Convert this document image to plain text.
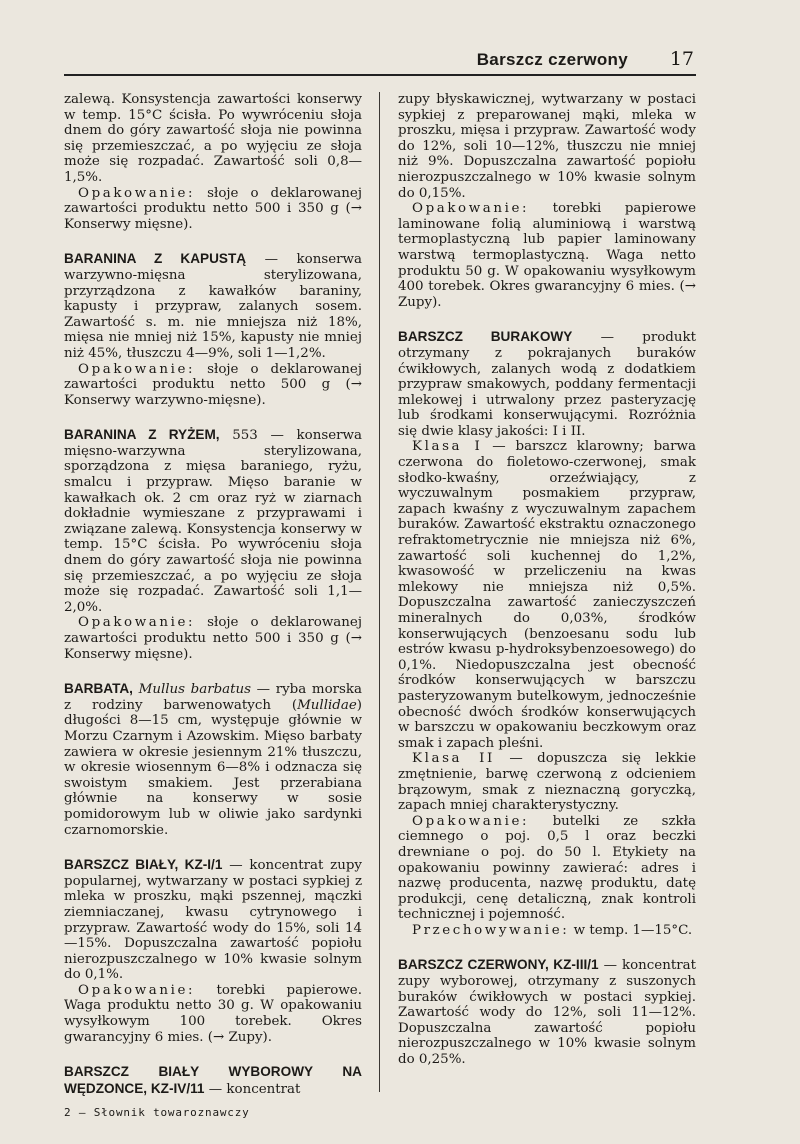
Barszcz czerwony 17

zalewą. Konsystencja zawartości konserwy w temp. 15°C ścisła. Po wywróceniu słoja dnem do góry zawartość słoja nie powinna się przemieszczać, a po wyjęciu ze słoja może się rozpadać. Zawartość soli 0,8—1,5%.

Opakowanie: słoje o deklarowanej zawartości produktu netto 500 i 350 g (→ Konserwy mięsne).

BARANINA Z KAPUSTĄ — konserwa warzywno-mięsna sterylizowana, przyrządzona z kawałków baraniny, kapusty i przypraw, zalanych sosem. Zawartość s. m. nie mniejsza niż 18%, mięsa nie mniej niż 15%, kapusty nie mniej niż 45%, tłuszczu 4—9%, soli 1—1,2%.

Opakowanie: słoje o deklarowanej zawartości produktu netto 500 g (→ Konserwy warzywno-mięsne).

BARANINA Z RYŻEM, 553 — konserwa mięsno-warzywna sterylizowana, sporządzona z mięsa baraniego, ryżu, smalcu i przypraw. Mięso baranie w kawałkach ok. 2 cm oraz ryż w ziarnach dokładnie wymieszane z przyprawami i związane zalewą. Konsystencja konserwy w temp. 15°C ścisła. Po wywróceniu słoja dnem do góry zawartość słoja nie powinna się przemieszczać, a po wyjęciu ze słoja może się rozpadać. Zawartość soli 1,1—2,0%.

Opakowanie: słoje o deklarowanej zawartości produktu netto 500 i 350 g (→ Konserwy mięsne).

BARBATA, Mullus barbatus — ryba morska z rodziny barwenowatych (Mullidae) długości 8—15 cm, występuje głównie w Morzu Czarnym i Azowskim. Mięso barbaty zawiera w okresie jesiennym 21% tłuszczu, w okresie wiosennym 6—8% i odznacza się swoistym smakiem. Jest przerabiana głównie na konserwy w sosie pomidorowym lub w oliwie jako sardynki czarnomorskie.

BARSZCZ BIAŁY, KZ-I/1 — koncentrat zupy popularnej, wytwarzany w postaci sypkiej z mleka w proszku, mąki pszennej, mączki ziemniaczanej, kwasu cytrynowego i przypraw. Zawartość wody do 15%, soli 14—15%. Dopuszczalna zawartość popiołu nierozpuszczalnego w 10% kwasie solnym do 0,1%.

Opakowanie: torebki papierowe. Waga produktu netto 30 g. W opakowaniu wysyłkowym 100 torebek. Okres gwarancyjny 6 mies. (→ Zupy).

BARSZCZ BIAŁY WYBOROWY NA WĘDZONCE, KZ-IV/11 — koncentrat

zupy błyskawicznej, wytwarzany w postaci sypkiej z preparowanej mąki, mleka w proszku, mięsa i przypraw. Zawartość wody do 12%, soli 10—12%, tłuszczu nie mniej niż 9%. Dopuszczalna zawartość popiołu nierozpuszczalnego w 10% kwasie solnym do 0,15%.

Opakowanie: torebki papierowe laminowane folią aluminiową i warstwą termoplastyczną lub papier laminowany warstwą termoplastyczną. Waga netto produktu 50 g. W opakowaniu wysyłkowym 400 torebek. Okres gwarancyjny 6 mies. (→ Zupy).

BARSZCZ BURAKOWY — produkt otrzymany z pokrajanych buraków ćwikłowych, zalanych wodą z dodatkiem przypraw smakowych, poddany fermentacji mlekowej i utrwalony przez pasteryzację lub środkami konserwującymi. Rozróżnia się dwie klasy jakości: I i II.

Klasa I — barszcz klarowny; barwa czerwona do fioletowo-czerwonej, smak słodko-kwaśny, orzeźwiający, z wyczuwalnym posmakiem przypraw, zapach kwaśny z wyczuwalnym zapachem buraków. Zawartość ekstraktu oznaczonego refraktometrycznie nie mniejsza niż 6%, zawartość soli kuchennej do 1,2%, kwasowość w przeliczeniu na kwas mlekowy nie mniejsza niż 0,5%. Dopuszczalna zawartość zanieczyszczeń mineralnych do 0,03%, środków konserwujących (benzoesanu sodu lub estrów kwasu p-hydroksybenzoesowego) do 0,1%. Niedopuszczalna jest obecność środków konserwujących w barszczu pasteryzowanym butelkowym, jednocześnie obecność dwóch środków konserwujących w barszczu w opakowaniu beczkowym oraz smak i zapach pleśni.

Klasa II — dopuszcza się lekkie zmętnienie, barwę czerwoną z odcieniem brązowym, smak z nieznaczną goryczką, zapach mniej charakterystyczny.

Opakowanie: butelki ze szkła ciemnego o poj. 0,5 l oraz beczki drewniane o poj. do 50 l. Etykiety na opakowaniu powinny zawierać: adres i nazwę producenta, nazwę produktu, datę produkcji, cenę detaliczną, znak kontroli technicznej i pojemność.

Przechowywanie: w temp. 1—15°C.

BARSZCZ CZERWONY, KZ-III/1 — koncentrat zupy wyborowej, otrzymany z suszonych buraków ćwikłowych w postaci sypkiej. Zawartość wody do 12%, soli 11—12%. Dopuszczalna zawartość popiołu nierozpuszczalnego w 10% kwasie solnym do 0,25%.

2 — Słownik towaroznawczy
